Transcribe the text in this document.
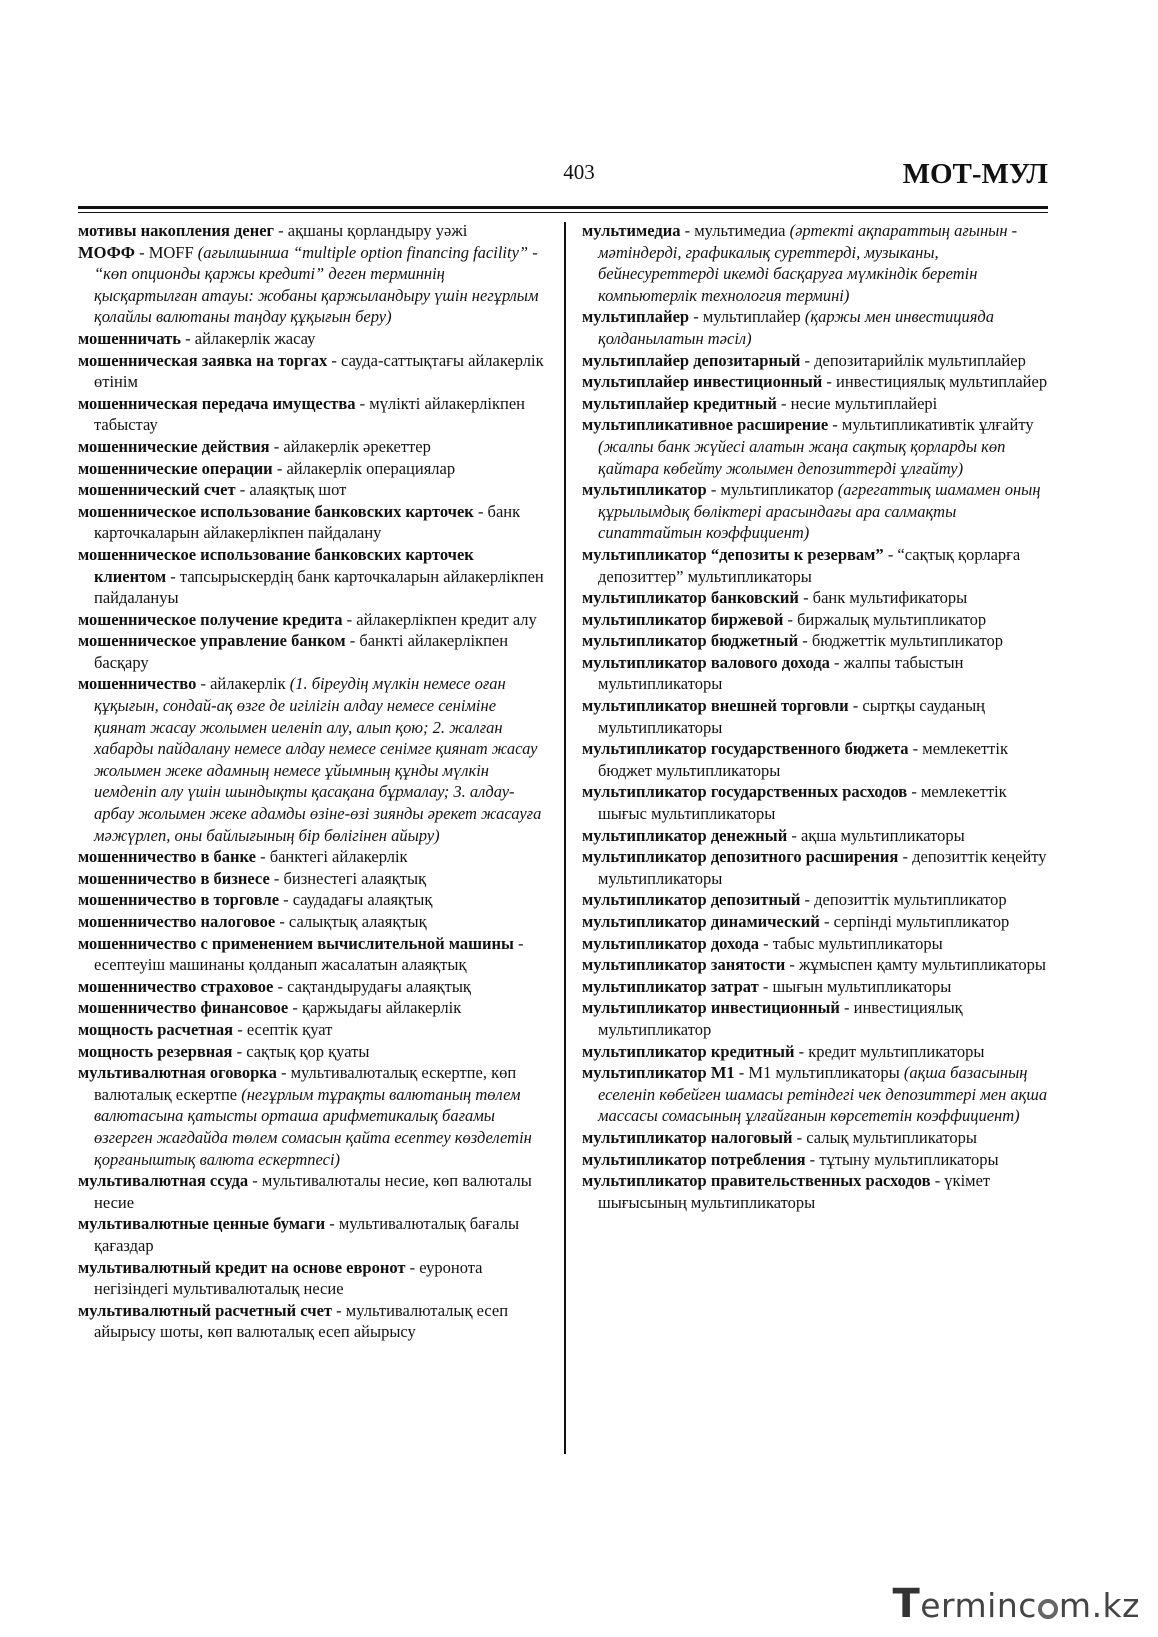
403	МОТ-МУЛ
мотивы накопления денег - ақшаны қорландыру уәжі
МОФФ - MOFF (ағылшынша “multiple option financing facility” - “көп опционды қаржы кредиті” деген терминнің қысқартылған атауы: жобаны қаржыландыру үшін негұрлым қолайлы валютаны таңдау құқығын беру)
мошенничать - айлакерлік жасау
мошенническая заявка на торгах - сауда-саттықтағы айлакерлік өтінім
мошенническая передача имущества - мүлікті айлакерлікпен табыстау
мошеннические действия - айлакерлік әрекеттер
мошеннические операции - айлакерлік операциялар
мошеннический счет - алаяқтық шот
мошенническое использование банковских карточек - банк карточкаларын айлакерлікпен пайдалану
мошенническое использование банковских карточек клиентом - тапсырыскердің банк карточкаларын айлакерлікпен пайдалануы
мошенническое получение кредита - айлакерлікпен кредит алу
мошенническое управление банком - банкті айлакерлікпен басқару
мошенничество - айлакерлік (1. біреудің мүлкін немесе оған құқығын, сондай-ақ өзге де игілігін алдау немесе сеніміне қиянат жасау жолымен иеленіп алу, алып қою; 2. жалған хабарды пайдалану немесе алдау немесе сенімге қиянат жасау жолымен жеке адамның немесе ұйымның құнды мүлкін иемденіп алу үшін шындықты қасақана бұрмалау; 3. алдау-арбау жолымен жеке адамды өзіне-өзі зиянды әрекет жасауға мәжүрлеп, оны байлығының бір бөлігінен айыру)
мошенничество в банке - банктегі айлакерлік
мошенничество в бизнесе - бизнестегі алаяқтық
мошенничество в торговле - саудадағы алаяқтық
мошенничество налоговое - салықтық алаяқтық
мошенничество с применением вычислительной машины - есептеуіш машинаны қолданып жасалатын алаяқтық
мошенничество страховое - сақтандырудағы алаяқтық
мошенничество финансовое - қаржыдағы айлакерлік
мощность расчетная - есептік қуат
мощность резервная - сақтық қор қуаты
мультивалютная оговорка - мультивалюталық ескертпе, көп валюталық ескертпе (негұрлым тұрақты валютаның төлем валютасына қатысты орташа арифметикалық бағамы өзгерген жағдайда төлем сомасын қайта есептеу көзделетін қорғаныштық валюта ескертпесі)
мультивалютная ссуда - мультивалюталы несие, көп валюталы несие
мультивалютные ценные бумаги - мультивалюталық бағалы қағаздар
мультивалютный кредит на основе евронот - еуронота негізіндегі мультивалюталық несие
мультивалютный расчетный счет - мультивалюталық есеп айырысу шоты, көп валюталық есеп айырысу
мультимедиа - мультимедиа (әртекті ақпараттың ағынын - мәтіндерді, графикалық суреттерді, музыканы, бейнесуреттерді икемді басқаруға мүмкіндік беретін компьютерлік технология термині)
мультиплайер - мультиплайер (қаржы мен инвестицияда қолданылатын тәсіл)
мультиплайер депозитарный - депозитарийлік мультиплайер
мультиплайер инвестиционный - инвестициялық мультиплайер
мультиплайер кредитный - несие мультиплайері
мультипликативное расширение - мультипликативтік ұлғайту (жалпы банк жүйесі алатын жаңа сақтық қорларды көп қайтара көбейту жолымен депозиттерді ұлғайту)
мультипликатор - мультипликатор (агрегаттық шамамен оның құрылымдық бөліктері арасындағы ара салмақты сипаттайтын коэффициент)
мультипликатор “депозиты к резервам” - “сақтық қорларға депозиттер” мультипликаторы
мультипликатор банковский - банк мультификаторы
мультипликатор биржевой - биржалық мультипликатор
мультипликатор бюджетный - бюджеттік мультипликатор
мультипликатор валового дохода - жалпы табыстын мультипликаторы
мультипликатор внешней торговли - сыртқы сауданың мультипликаторы
мультипликатор государственного бюджета - мемлекеттік бюджет мультипликаторы
мультипликатор государственных расходов - мемлекеттік шығыс мультипликаторы
мультипликатор денежный - ақша мультипликаторы
мультипликатор депозитного расширения - депозиттік кеңейту мультипликаторы
мультипликатор депозитный - депозиттік мультипликатор
мультипликатор динамический - серпінді мультипликатор
мультипликатор дохода - табыс мультипликаторы
мультипликатор занятости - жұмыспен қамту мультипликаторы
мультипликатор затрат - шығын мультипликаторы
мультипликатор инвестиционный - инвестициялық мультипликатор
мультипликатор кредитный - кредит мультипликаторы
мультипликатор М1 - М1 мультипликаторы (ақша базасының еселеніп көбейген шамасы ретіндегі чек депозиттері мен ақша массасы сомасының ұлғайғанын көрсететін коэффициент)
мультипликатор налоговый - салық мультипликаторы
мультипликатор потребления - тұтыну мультипликаторы
мультипликатор правительственных расходов - үкімет шығысының мультипликаторы
Terminc m.kz
